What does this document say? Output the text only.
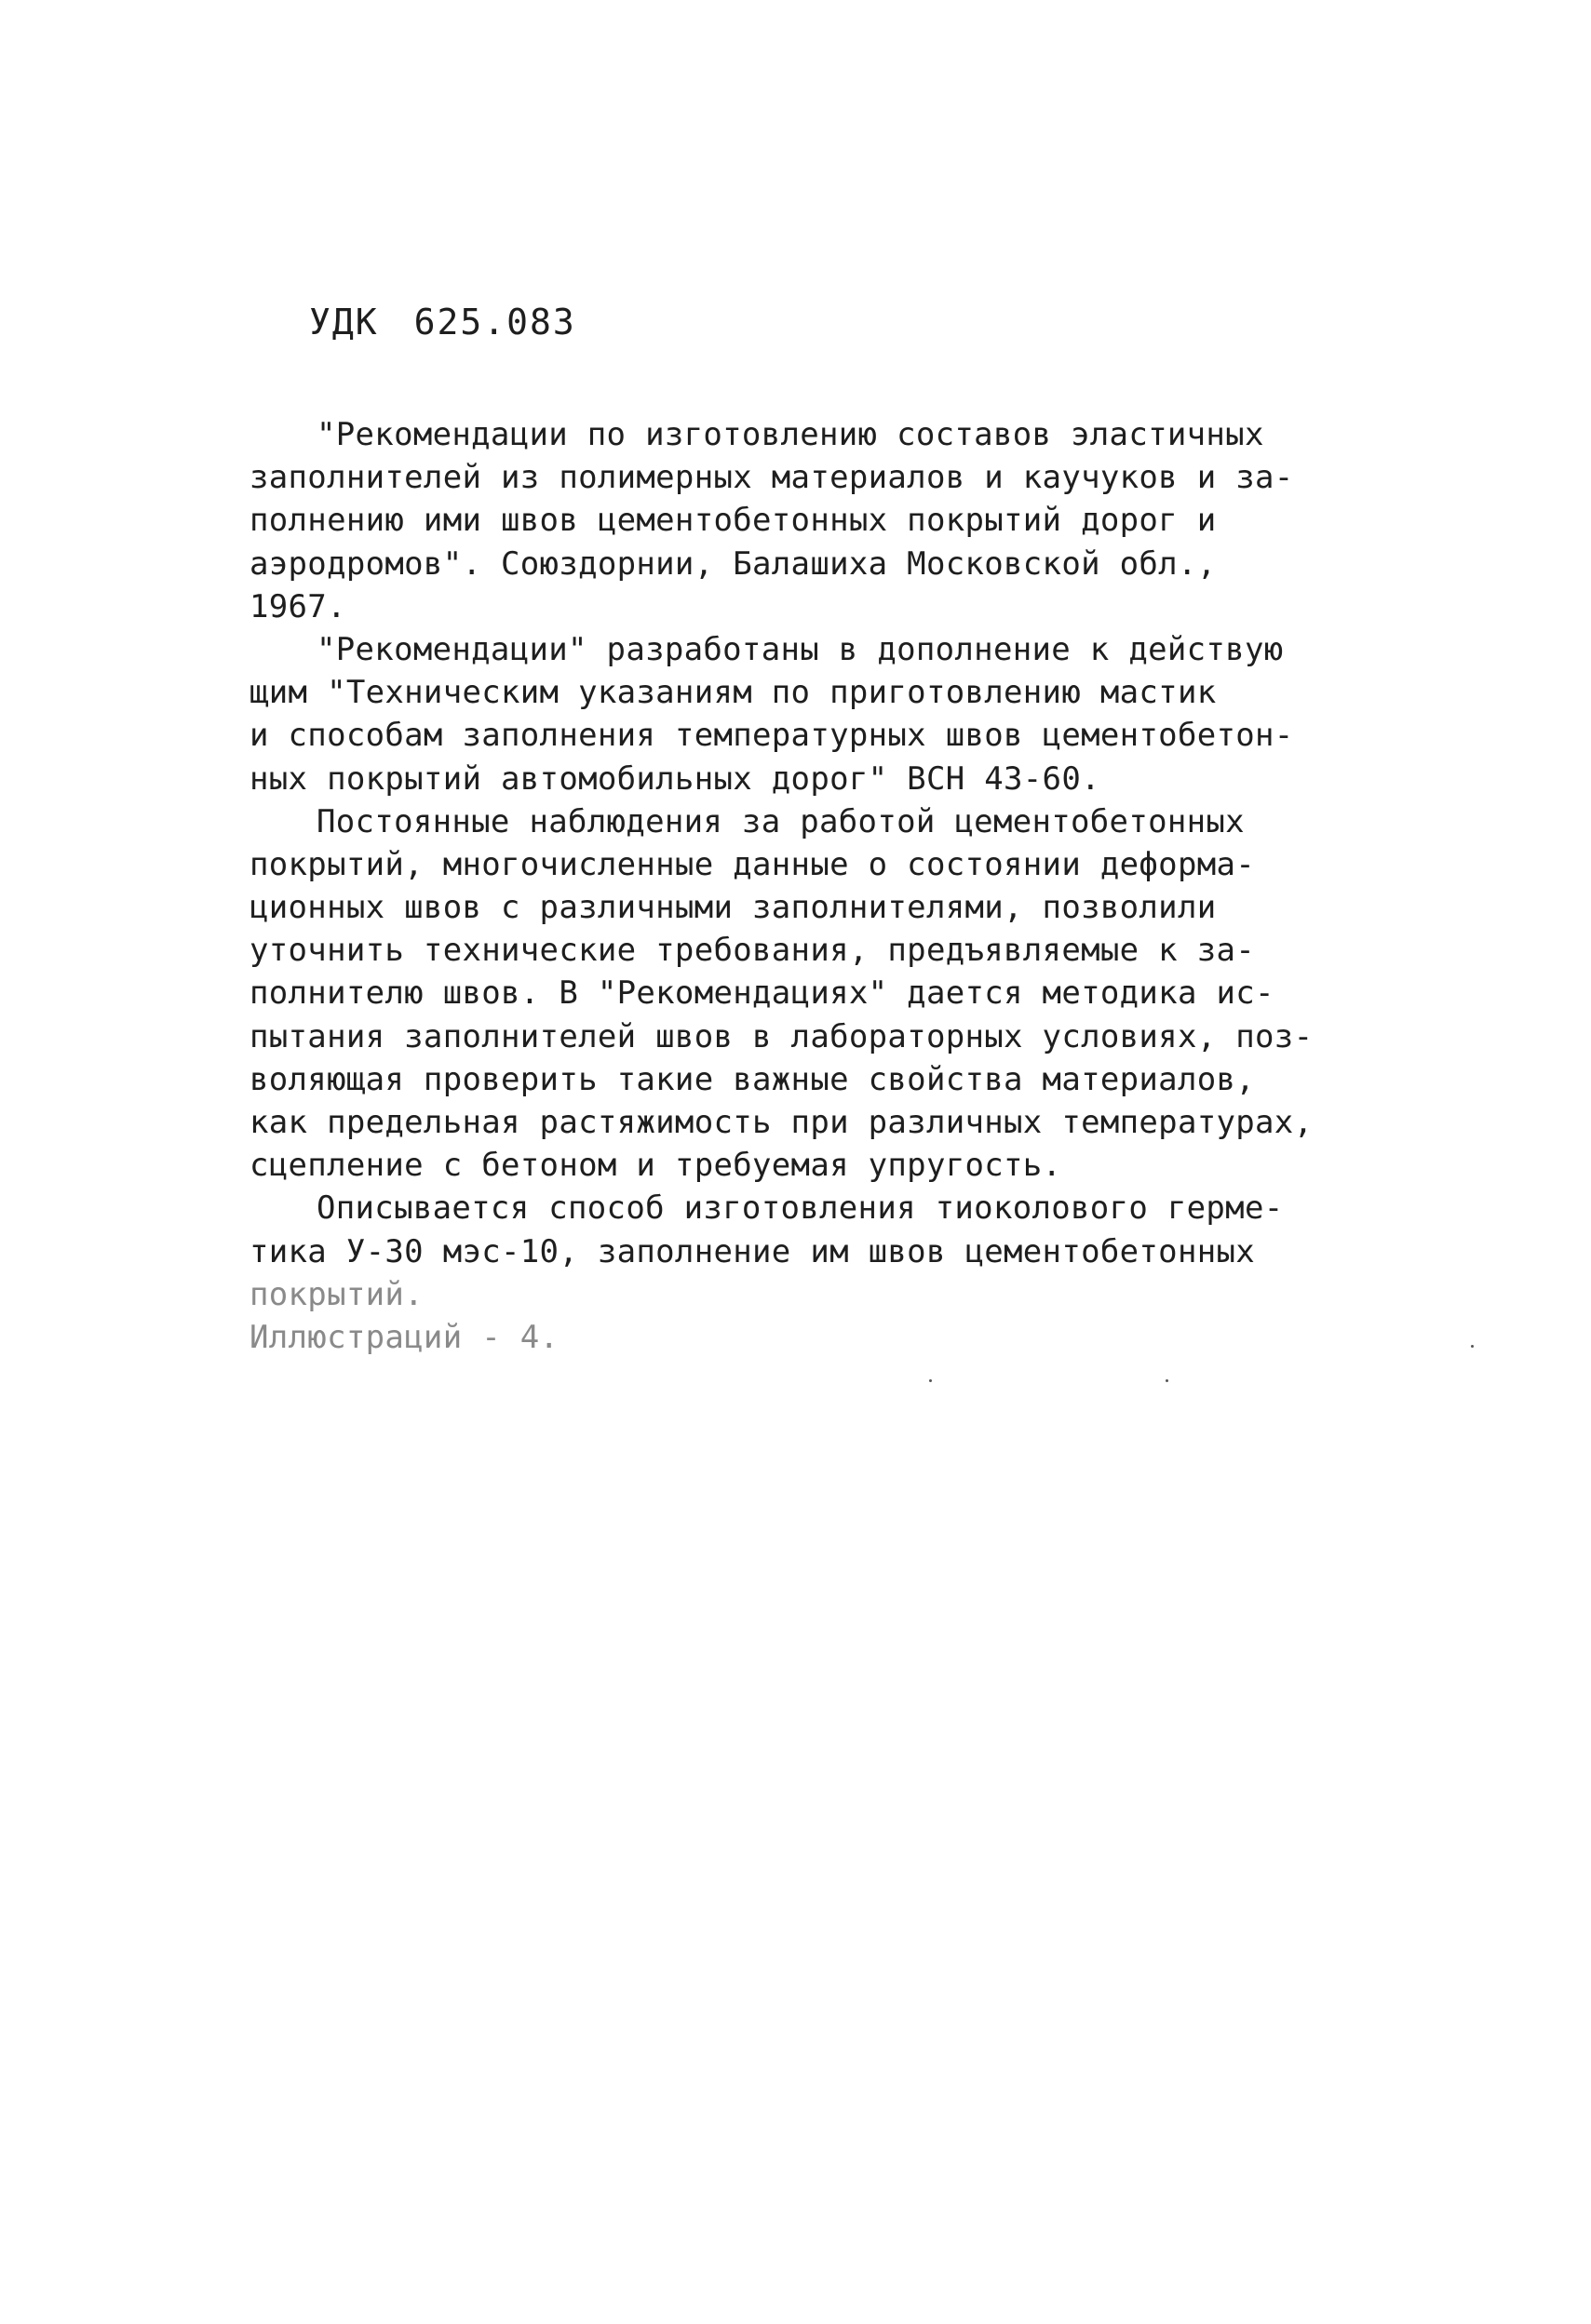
УДК 625.083
"Рекомендации по изготовлению составов эластичных
заполнителей из полимерных материалов и каучуков и за-
полнению ими швов цементобетонных покрытий дорог и
аэродромов". Союздорнии, Балашиха Московской обл.,
1967.
"Рекомендации" разработаны в дополнение к действую
щим "Техническим указаниям по приготовлению мастик
и способам заполнения температурных швов цементобетон-
ных покрытий автомобильных дорог" ВСН 43-60.
Постоянные наблюдения за работой цементобетонных
покрытий, многочисленные данные о состоянии деформа-
ционных швов с различными заполнителями, позволили
уточнить технические требования, предъявляемые к за-
полнителю швов. В "Рекомендациях" дается методика ис-
пытания заполнителей швов в лабораторных условиях, поз-
воляющая проверить такие важные свойства материалов,
как предельная растяжимость при различных температурах,
сцепление с бетоном и требуемая упругость.
Описывается способ изготовления тиоколового герме-
тика У-30 мэс-10, заполнение им швов цементобетонных
покрытий.
Иллюстраций - 4.
